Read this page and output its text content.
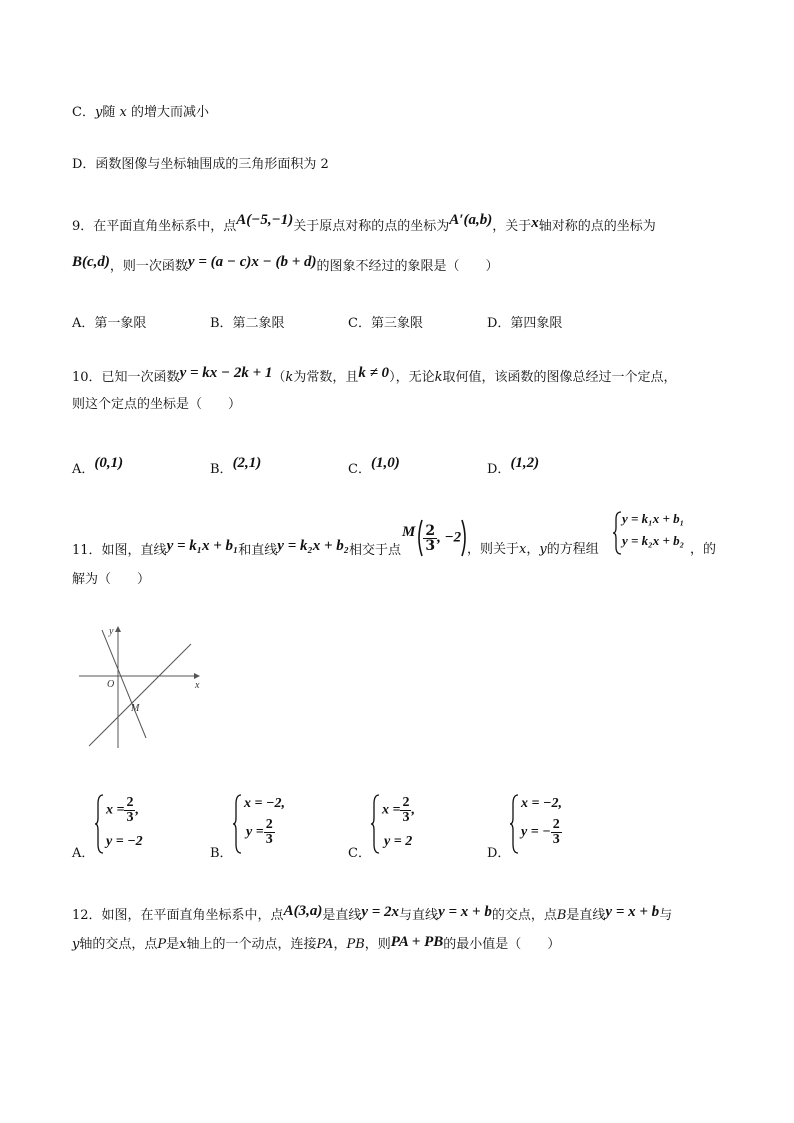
C．y随 x 的增大而减小
D．函数图像与坐标轴围成的三角形面积为 2
9．在平面直角坐标系中，点A(−5,−1)关于原点对称的点的坐标为A′(a,b)，关于x轴对称的点的坐标为
B(c,d)，则一次函数y = (a − c)x − (b + d)的图象不经过的象限是（　　）
A．第一象限	B．第二象限	C．第三象限	D．第四象限
10．已知一次函数y = kx − 2k + 1（k为常数，且k ≠ 0），无论k取何值，该函数的图像总经过一个定点，
则这个定点的坐标是（　　）
A．(0,1)	B．(2,1)	C．(1,0)	D．(1,2)
11．如图，直线y = k₁x + b₁和直线y = k₂x + b₂相交于点
M $\frac{2}{3}$ , −2
，则关于x，y的方程组
y = k₁x + b₁
y = k₂x + b₂
，的
解为（　　）
y
x
O
M
A．
$x = \frac{2}{3}$ ,
y = −2
B．
x = −2,
$y = \frac{2}{3}$
C．
$x = \frac{2}{3}$ ,
y = 2
D．
x = −2,
y = − $\frac{2}{3}$
12．如图，在平面直角坐标系中，点A(3,a)是直线y = 2x与直线y = x + b的交点，点B是直线y = x + b与
y轴的交点，点P是x轴上的一个动点，连接PA，PB，则PA + PB的最小值是（　　）
